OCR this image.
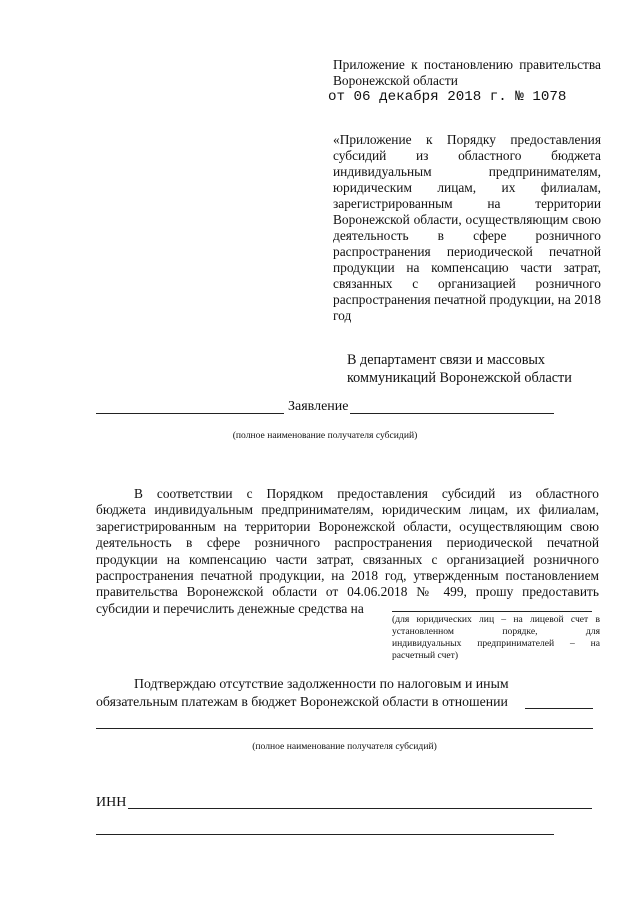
Приложение к постановлению правительства
Воронежской области
от 06 декабря 2018 г. № 1078
«Приложение к Порядку предоставления
субсидий из областного бюджета
индивидуальным предпринимателям,
юридическим лицам, их филиалам,
зарегистрированным на территории
Воронежской области, осуществляющим свою
деятельность в сфере розничного
распространения периодической печатной
продукции на компенсацию части затрат,
связанных с организацией розничного
распространения печатной продукции, на 2018
год
В департамент связи и массовых
коммуникаций Воронежской области
Заявление
(полное наименование получателя субсидий)
В соответствии с Порядком предоставления субсидий из областного
бюджета индивидуальным предпринимателям, юридическим лицам, их филиалам,
зарегистрированным на территории Воронежской области, осуществляющим свою
деятельность в сфере розничного распространения периодической печатной
продукции на компенсацию части затрат, связанных с организацией розничного
распространения печатной продукции, на 2018 год, утвержденным постановлением
правительства Воронежской области от 04.06.2018 № 499, прошу предоставить
субсидии и перечислить денежные средства на
(для юридических лиц – на лицевой счет в
установленном порядке, для
индивидуальных предпринимателей – на
расчетный счет)
Подтверждаю отсутствие задолженности по налоговым и иным
обязательным платежам в бюджет Воронежской области в отношении
(полное наименование получателя субсидий)
ИНН
